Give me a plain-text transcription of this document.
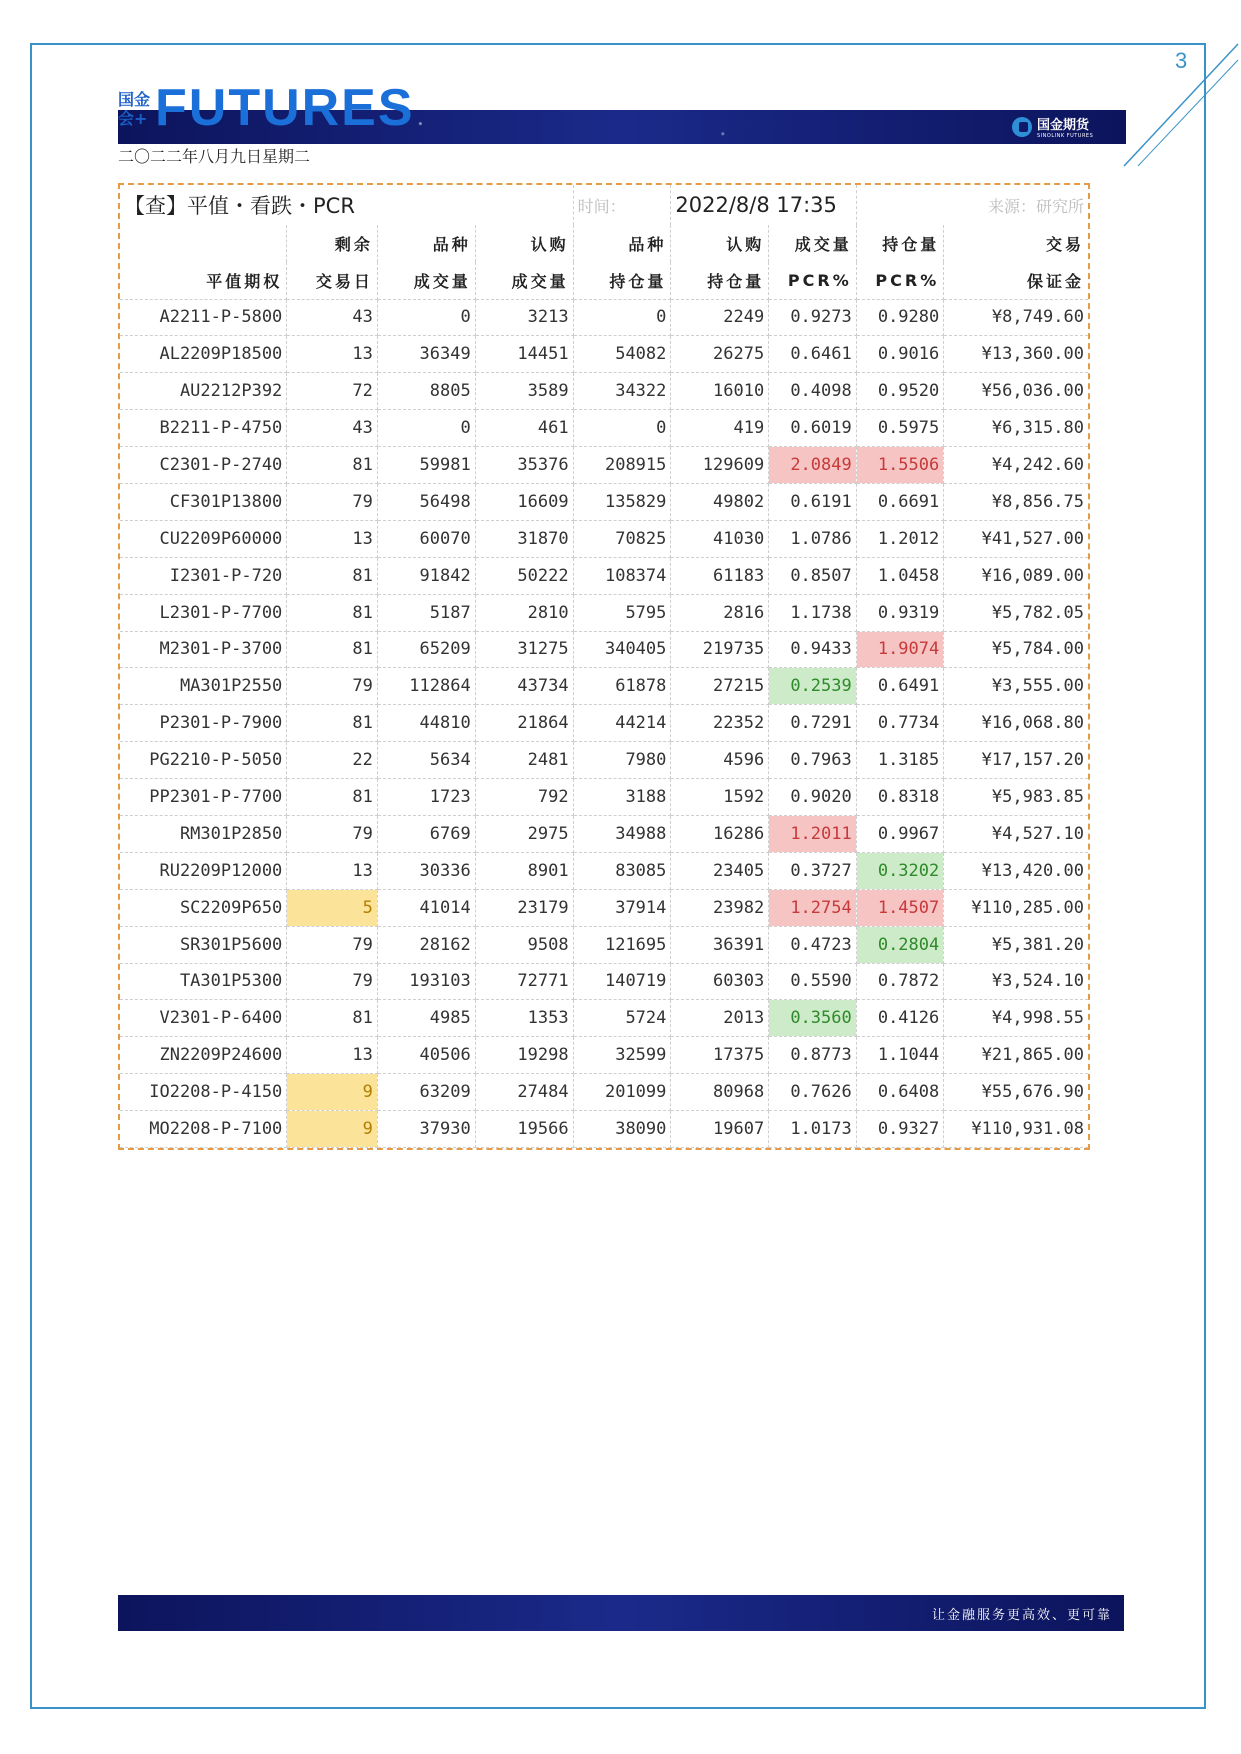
3
国金会+ FUTURES	国金期货
SINOLINK FUTURES
二〇二二年八月九日星期二
【查】平值・看跌・PCR				时间：	2022/8/8 17:35		来源：研究所	
	剩余	品种	认购	品种	认购	成交量	持仓量	交易
平值期权	交易日	成交量	成交量	持仓量	持仓量	PCR%	PCR%	保证金
A2211-P-5800	43	0	3213	0	2249	0.9273	0.9280	¥8,749.60
AL2209P18500	13	36349	14451	54082	26275	0.6461	0.9016	¥13,360.00
AU2212P392	72	8805	3589	34322	16010	0.4098	0.9520	¥56,036.00
B2211-P-4750	43	0	461	0	419	0.6019	0.5975	¥6,315.80
C2301-P-2740	81	59981	35376	208915	129609	2.0849	1.5506	¥4,242.60
CF301P13800	79	56498	16609	135829	49802	0.6191	0.6691	¥8,856.75
CU2209P60000	13	60070	31870	70825	41030	1.0786	1.2012	¥41,527.00
I2301-P-720	81	91842	50222	108374	61183	0.8507	1.0458	¥16,089.00
L2301-P-7700	81	5187	2810	5795	2816	1.1738	0.9319	¥5,782.05
M2301-P-3700	81	65209	31275	340405	219735	0.9433	1.9074	¥5,784.00
MA301P2550	79	112864	43734	61878	27215	0.2539	0.6491	¥3,555.00
P2301-P-7900	81	44810	21864	44214	22352	0.7291	0.7734	¥16,068.80
PG2210-P-5050	22	5634	2481	7980	4596	0.7963	1.3185	¥17,157.20
PP2301-P-7700	81	1723	792	3188	1592	0.9020	0.8318	¥5,983.85
RM301P2850	79	6769	2975	34988	16286	1.2011	0.9967	¥4,527.10
RU2209P12000	13	30336	8901	83085	23405	0.3727	0.3202	¥13,420.00
SC2209P650	5	41014	23179	37914	23982	1.2754	1.4507	¥110,285.00
SR301P5600	79	28162	9508	121695	36391	0.4723	0.2804	¥5,381.20
TA301P5300	79	193103	72771	140719	60303	0.5590	0.7872	¥3,524.10
V2301-P-6400	81	4985	1353	5724	2013	0.3560	0.4126	¥4,998.55
ZN2209P24600	13	40506	19298	32599	17375	0.8773	1.1044	¥21,865.00
IO2208-P-4150	9	63209	27484	201099	80968	0.7626	0.6408	¥55,676.90
MO2208-P-7100	9	37930	19566	38090	19607	1.0173	0.9327	¥110,931.08
让金融服务更高效、更可靠
